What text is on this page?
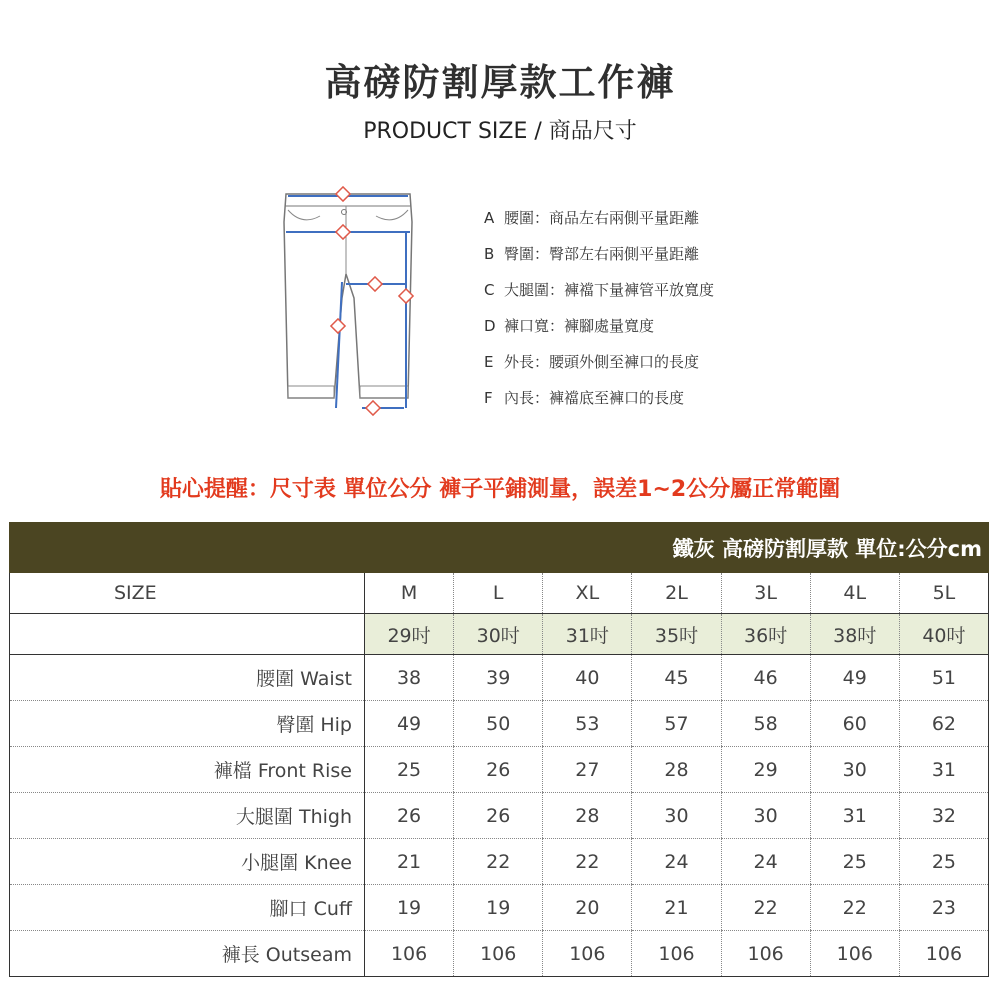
高磅防割厚款工作褲
PRODUCT SIZE / 商品尺寸
A 腰圍：商品左右兩側平量距離
B 臀圍：臀部左右兩側平量距離
C 大腿圍：褲襠下量褲管平放寬度
D 褲口寬：褲腳處量寬度
E 外長：腰頭外側至褲口的長度
F 內長：褲襠底至褲口的長度
貼心提醒：尺寸表 單位公分 褲子平鋪測量，誤差1~2公分屬正常範圍
鐵灰 高磅防割厚款 單位:公分cm
SIZE	M	L	XL	2L	3L	4L	5L
	29吋	30吋	31吋	35吋	36吋	38吋	40吋
腰圍 Waist	38	39	40	45	46	49	51
臀圍 Hip	49	50	53	57	58	60	62
褲檔 Front Rise	25	26	27	28	29	30	31
大腿圍 Thigh	26	26	28	30	30	31	32
小腿圍 Knee	21	22	22	24	24	25	25
腳口 Cuff	19	19	20	21	22	22	23
褲長 Outseam	106	106	106	106	106	106	106
